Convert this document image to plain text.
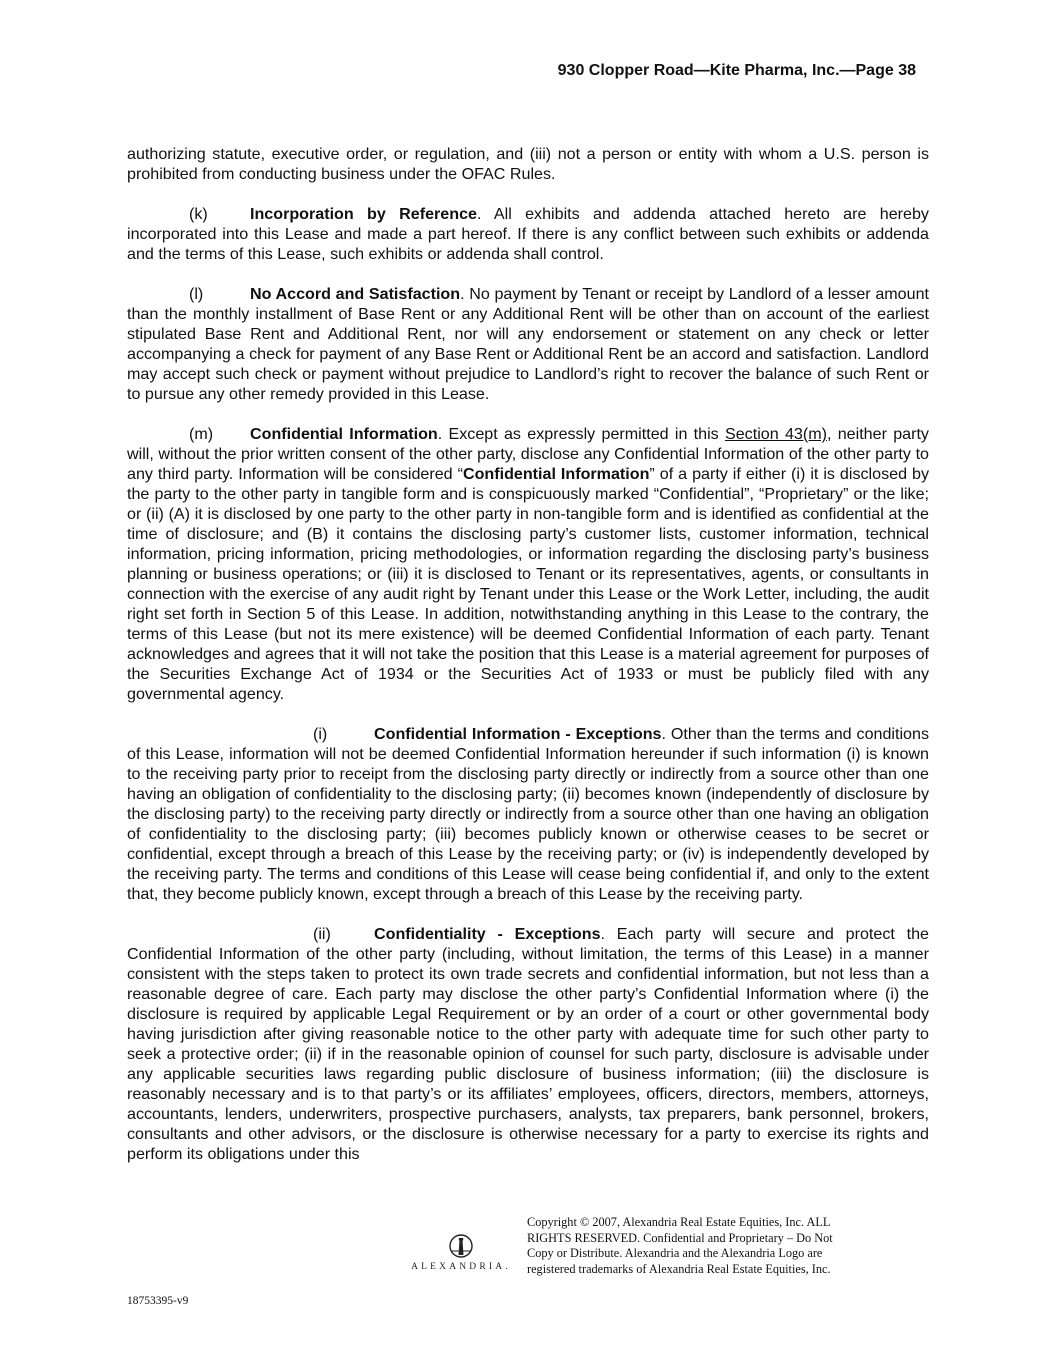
930 Clopper Road—Kite Pharma, Inc.—Page 38

authorizing statute, executive order, or regulation, and (iii) not a person or entity with whom a U.S. person is prohibited from conducting business under the OFAC Rules.

(k)	Incorporation by Reference. All exhibits and addenda attached hereto are hereby incorporated into this Lease and made a part hereof. If there is any conflict between such exhibits or addenda and the terms of this Lease, such exhibits or addenda shall control.

(l)	No Accord and Satisfaction. No payment by Tenant or receipt by Landlord of a lesser amount than the monthly installment of Base Rent or any Additional Rent will be other than on account of the earliest stipulated Base Rent and Additional Rent, nor will any endorsement or statement on any check or letter accompanying a check for payment of any Base Rent or Additional Rent be an accord and satisfaction. Landlord may accept such check or payment without prejudice to Landlord’s right to recover the balance of such Rent or to pursue any other remedy provided in this Lease.

(m) Confidential Information. Except as expressly permitted in this Section 43(m), neither party will, without the prior written consent of the other party, disclose any Confidential Information of the other party to any third party. Information will be considered “Confidential Information” of a party if either (i) it is disclosed by the party to the other party in tangible form and is conspicuously marked “Confidential”, “Proprietary” or the like; or (ii) (A) it is disclosed by one party to the other party in non-tangible form and is identified as confidential at the time of disclosure; and (B) it contains the disclosing party’s customer lists, customer information, technical information, pricing information, pricing methodologies, or information regarding the disclosing party’s business planning or business operations; or (iii) it is disclosed to Tenant or its representatives, agents, or consultants in connection with the exercise of any audit right by Tenant under this Lease or the Work Letter, including, the audit right set forth in Section 5 of this Lease. In addition, notwithstanding anything in this Lease to the contrary, the terms of this Lease (but not its mere existence) will be deemed Confidential Information of each party. Tenant acknowledges and agrees that it will not take the position that this Lease is a material agreement for purposes of the Securities Exchange Act of 1934 or the Securities Act of 1933 or must be publicly filed with any governmental agency.

(i)	Confidential Information - Exceptions. Other than the terms and conditions of this Lease, information will not be deemed Confidential Information hereunder if such information (i) is known to the receiving party prior to receipt from the disclosing party directly or indirectly from a source other than one having an obligation of confidentiality to the disclosing party; (ii) becomes known (independently of disclosure by the disclosing party) to the receiving party directly or indirectly from a source other than one having an obligation of confidentiality to the disclosing party; (iii) becomes publicly known or otherwise ceases to be secret or confidential, except through a breach of this Lease by the receiving party; or (iv) is independently developed by the receiving party. The terms and conditions of this Lease will cease being confidential if, and only to the extent that, they become publicly known, except through a breach of this Lease by the receiving party.

(ii)	Confidentiality - Exceptions. Each party will secure and protect the Confidential Information of the other party (including, without limitation, the terms of this Lease) in a manner consistent with the steps taken to protect its own trade secrets and confidential information, but not less than a reasonable degree of care. Each party may disclose the other party’s Confidential Information where (i) the disclosure is required by applicable Legal Requirement or by an order of a court or other governmental body having jurisdiction after giving reasonable notice to the other party with adequate time for such other party to seek a protective order; (ii) if in the reasonable opinion of counsel for such party, disclosure is advisable under any applicable securities laws regarding public disclosure of business information; (iii) the disclosure is reasonably necessary and is to that party’s or its affiliates’ employees, officers, directors, members, attorneys, accountants, lenders, underwriters, prospective purchasers, analysts, tax preparers, bank personnel, brokers, consultants and other advisors, or the disclosure is otherwise necessary for a party to exercise its rights and perform its obligations under this

ALEXANDRIA.
Copyright © 2007, Alexandria Real Estate Equities, Inc. ALL
RIGHTS RESERVED. Confidential and Proprietary – Do Not
Copy or Distribute. Alexandria and the Alexandria Logo are
registered trademarks of Alexandria Real Estate Equities, Inc.
18753395-v9
